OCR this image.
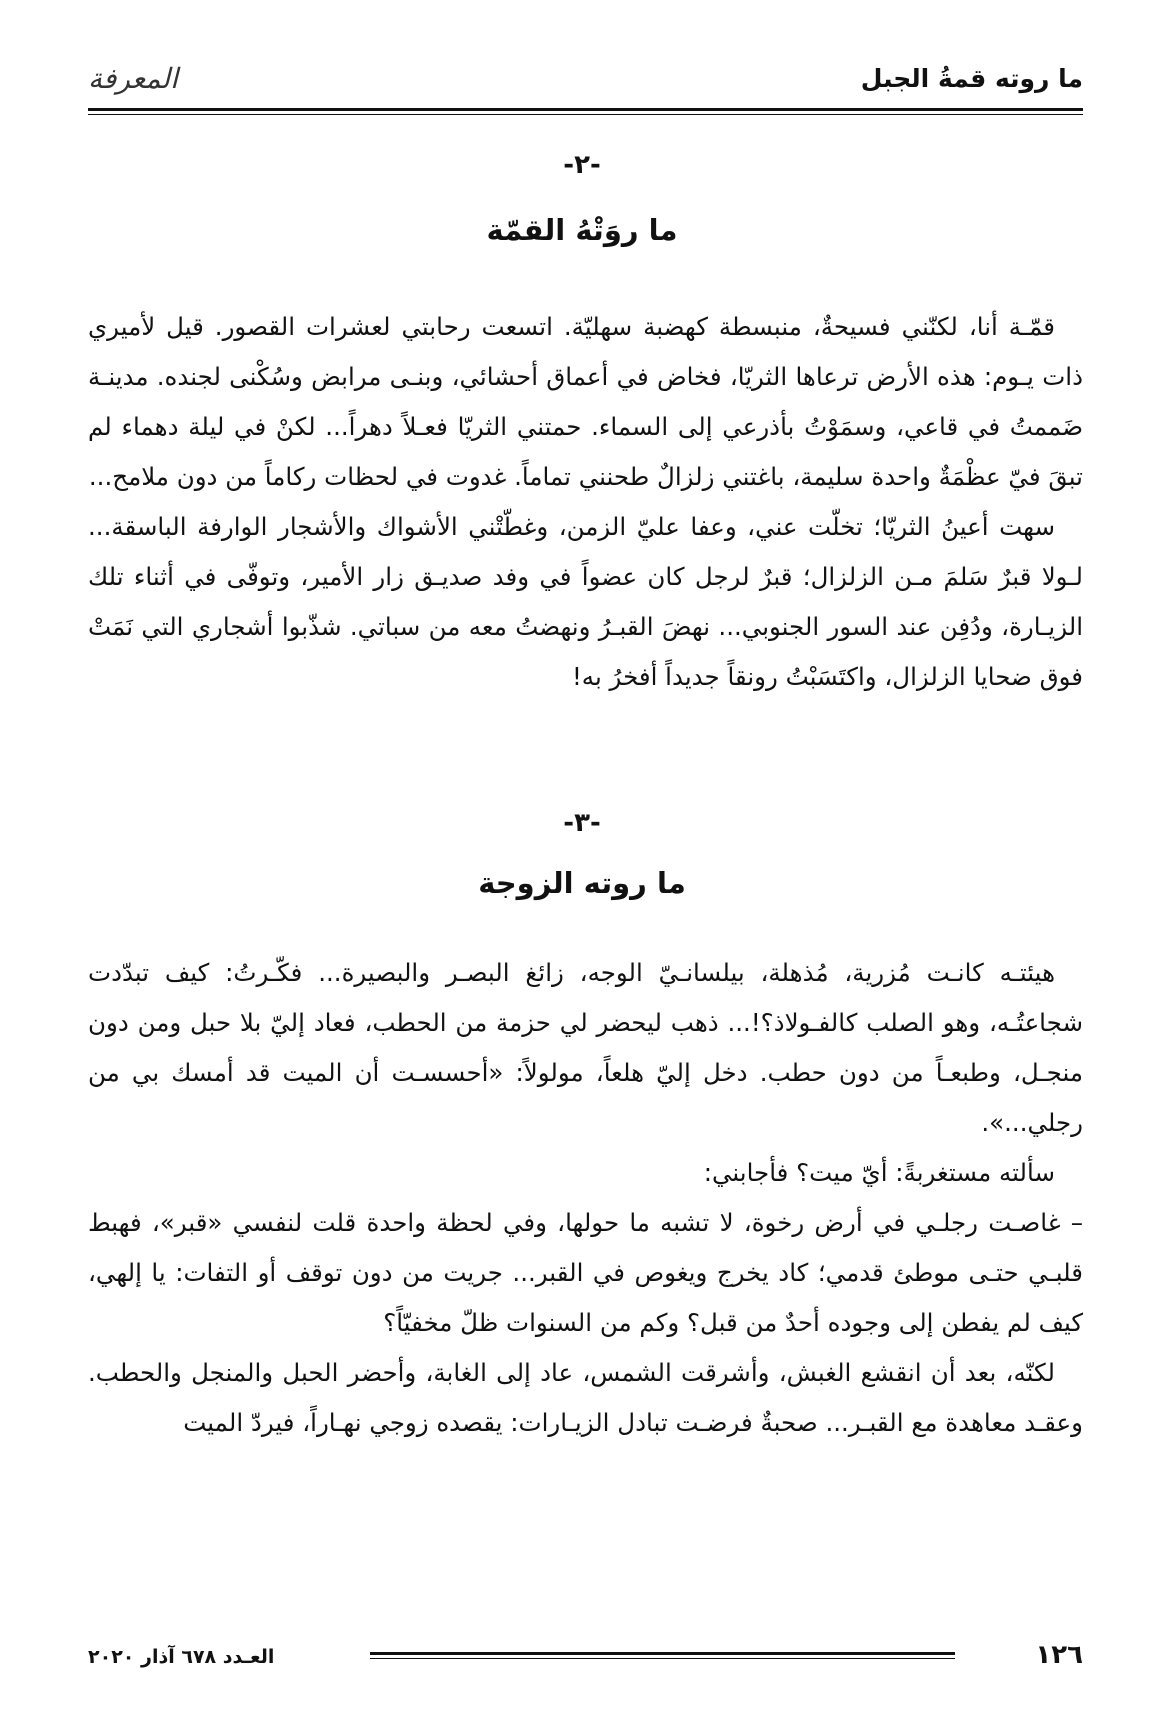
ما روته قمةُ الجبل
المعرفة
-٢-
ما روَتْهُ القمّة

قمّـة أنا، لكنّني فسيحةٌ، منبسطة كهضبة سهليّة. اتسعت رحابتي لعشرات القصور. قيل لأميري ذات يـوم: هذه الأرض ترعاها الثريّا، فخاض في أعماق أحشائي، وبنـى مرابض وسُكْنى لجنده. مدينـة ضَممتُ في قاعي، وسمَوْتُ بأذرعي إلى السماء. حمتني الثريّا فعـلاً دهراً... لكنْ في ليلة دهماء لم تبقَ فيّ عظْمَةٌ واحدة سليمة، باغتني زلزالٌ طحنني تماماً. غدوت في لحظات ركاماً من دون ملامح...

سهت أعينُ الثريّا؛ تخلّت عني، وعفا عليّ الزمن، وغطّتْني الأشواك والأشجار الوارفة الباسقة... لـولا قبرٌ سَلمَ مـن الزلزال؛ قبرٌ لرجل كان عضواً في وفد صديـق زار الأمير، وتوفّى في أثناء تلك الزيـارة، ودُفِن عند السور الجنوبي... نهضَ القبـرُ ونهضتُ معه من سباتي. شذّبوا أشجاري التي نَمَتْ فوق ضحايا الزلزال، واكتَسَبْتُ رونقاً جديداً أفخرُ به!

-٣-
ما روته الزوجة

هيئتـه كانـت مُزرية، مُذهلة، بيلسانـيّ الوجه، زائغ البصـر والبصيرة... فكّـرتُ: كيف تبدّدت شجاعتُـه، وهو الصلب كالفـولاذ؟!... ذهب ليحضر لي حزمة من الحطب، فعاد إليّ بلا حبل ومن دون منجـل، وطبعـاً من دون حطب. دخل إليّ هلعاً، مولولاً: «أحسسـت أن الميت قد أمسك بي من رجلي...».

سألته مستغربةً: أيّ ميت؟ فأجابني:

– غاصـت رجلـي في أرض رخوة، لا تشبه ما حولها، وفي لحظة واحدة قلت لنفسي «قبر»، فهبط قلبـي حتـى موطئ قدمي؛ كاد يخرج ويغوص في القبر... جريت من دون توقف أو التفات: يا إلهي، كيف لم يفطن إلى وجوده أحدٌ من قبل؟ وكم من السنوات ظلّ مخفيّاً؟

لكنّه، بعد أن انقشع الغبش، وأشرقت الشمس، عاد إلى الغابة، وأحضر الحبل والمنجل والحطب. وعقـد معاهدة مع القبـر... صحبةٌ فرضـت تبادل الزيـارات: يقصده زوجي نهـاراً، فيردّ الميت

١٢٦
العـدد ٦٧٨ آذار ٢٠٢٠
